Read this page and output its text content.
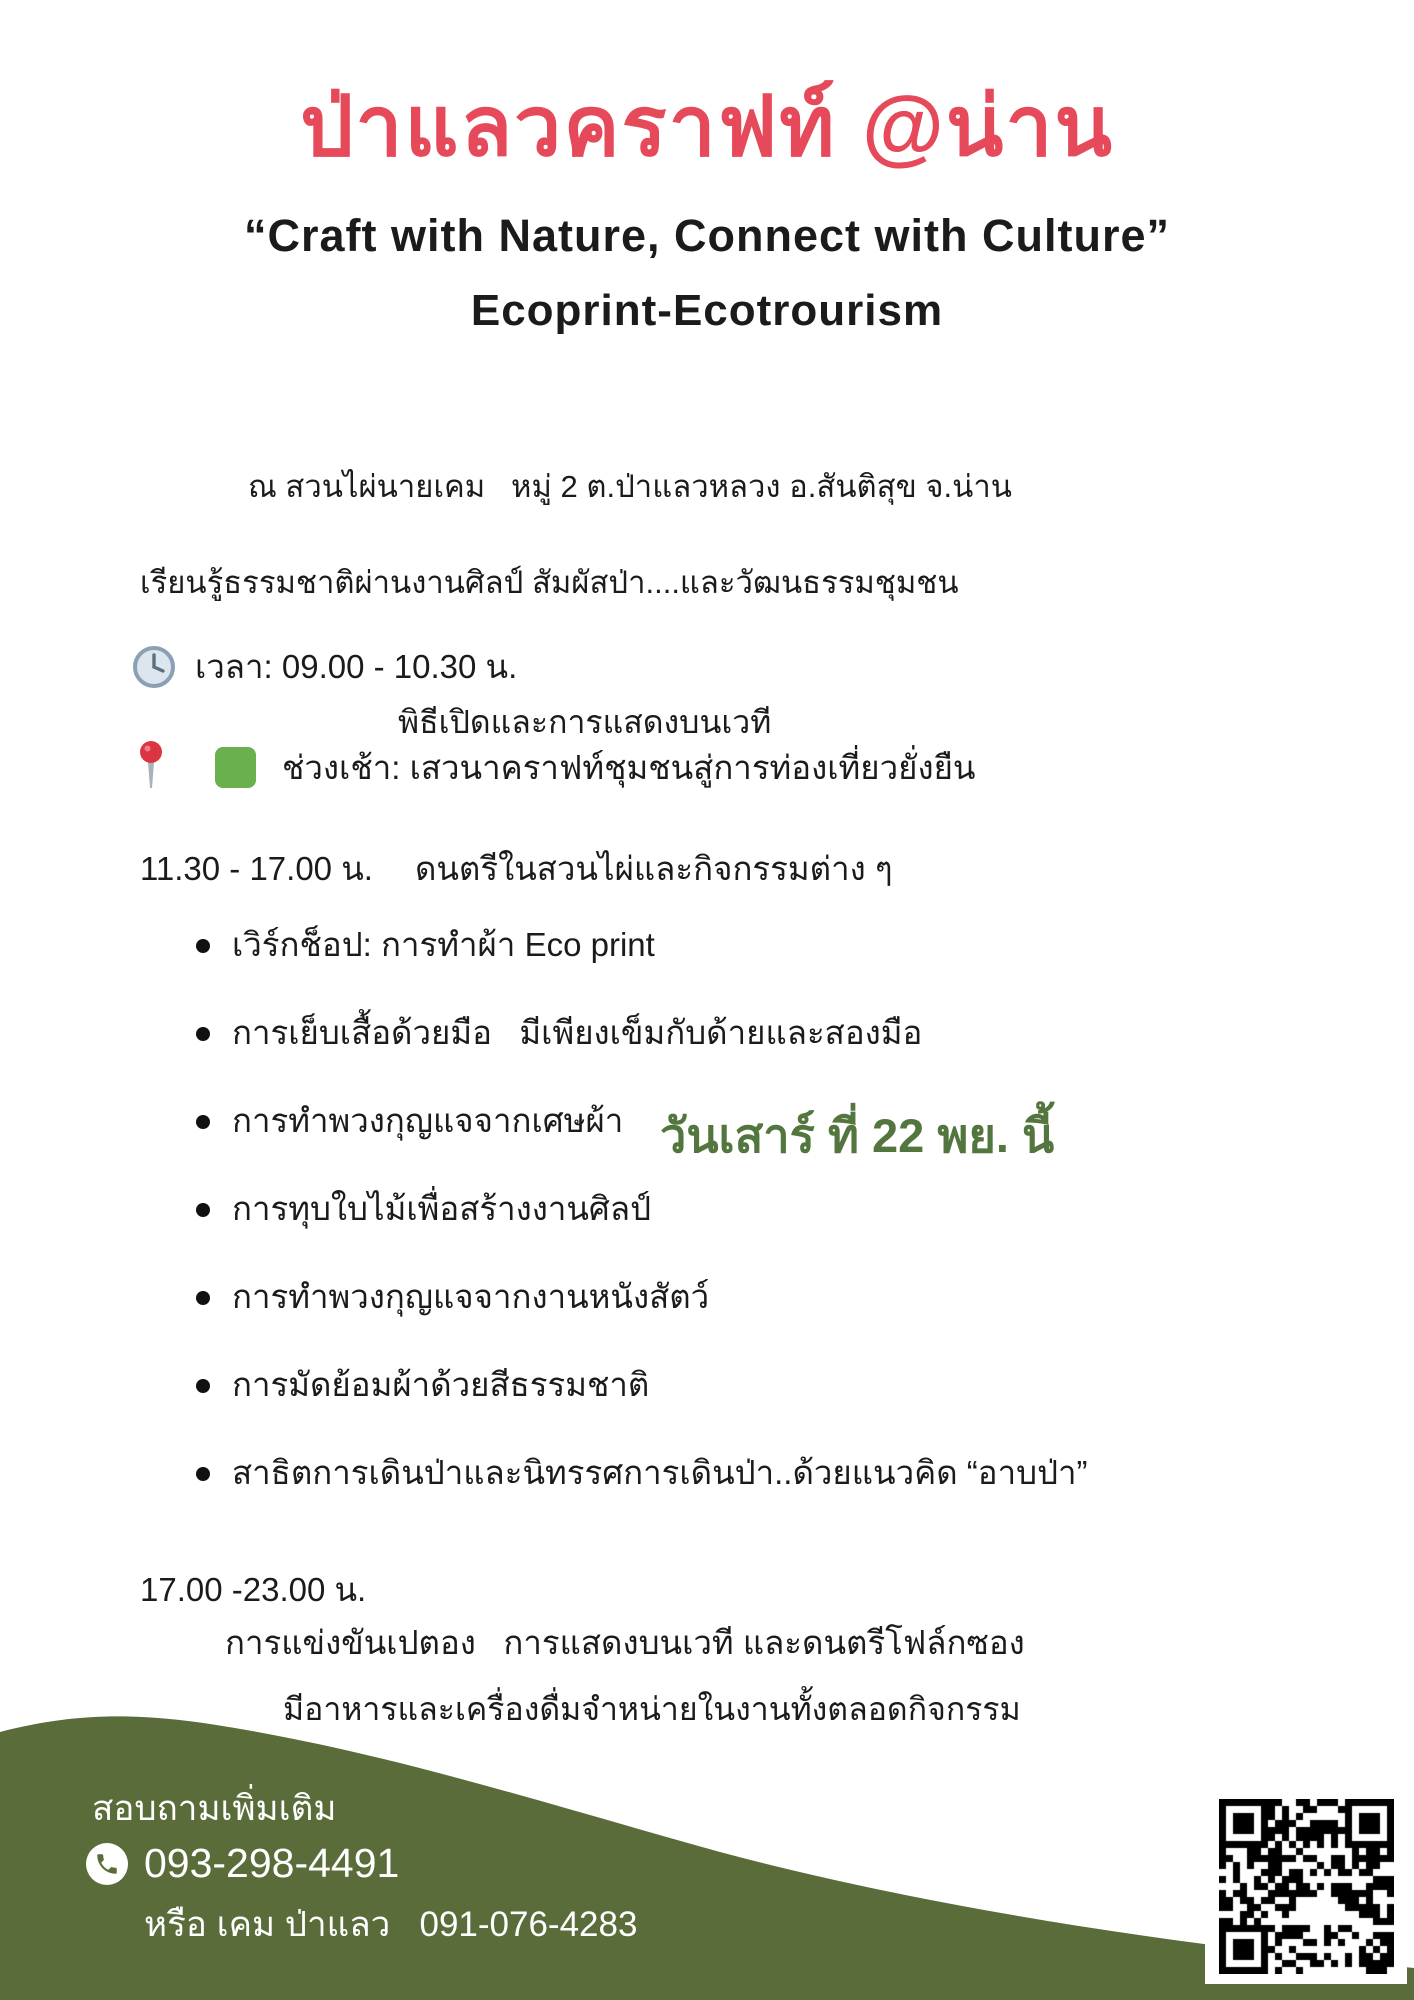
ป่าแลวคราฟท์ @น่าน
“Craft with Nature, Connect with Culture”
Ecoprint-Ecotrourism
ณ สวนไผ่นายเคม   หมู่ 2 ต.ป่าแลวหลวง อ.สันติสุข จ.น่าน
เรียนรู้ธรรมชาติผ่านงานศิลป์ สัมผัสป่า....และวัฒนธรรมชุมชน
เวลา: 09.00 - 10.30 น.
พิธีเปิดและการแสดงบนเวที
ช่วงเช้า: เสวนาคราฟท์ชุมชนสู่การท่องเที่ยวยั่งยืน
11.30 - 17.00 น. ดนตรีในสวนไผ่และกิจกรรมต่าง ๆ
เวิร์กช็อป: การทำผ้า Eco print
การเย็บเสื้อด้วยมือ   มีเพียงเข็มกับด้ายและสองมือ
การทำพวงกุญแจจากเศษผ้า
การทุบใบไม้เพื่อสร้างงานศิลป์
การทำพวงกุญแจจากงานหนังสัตว์
การมัดย้อมผ้าด้วยสีธรรมชาติ
สาธิตการเดินป่าและนิทรรศการเดินป่า..ด้วยแนวคิด “อาบป่า”
วันเสาร์ ที่ 22 พย. นี้
17.00 -23.00 น.
การแข่งขันเปตอง   การแสดงบนเวที และดนตรีโฟล์กซอง
มีอาหารและเครื่องดื่มจำหน่ายในงานทั้งตลอดกิจกรรม
สอบถามเพิ่มเติม
093-298-4491
หรือ เคม ป่าแลว   091-076-4283
